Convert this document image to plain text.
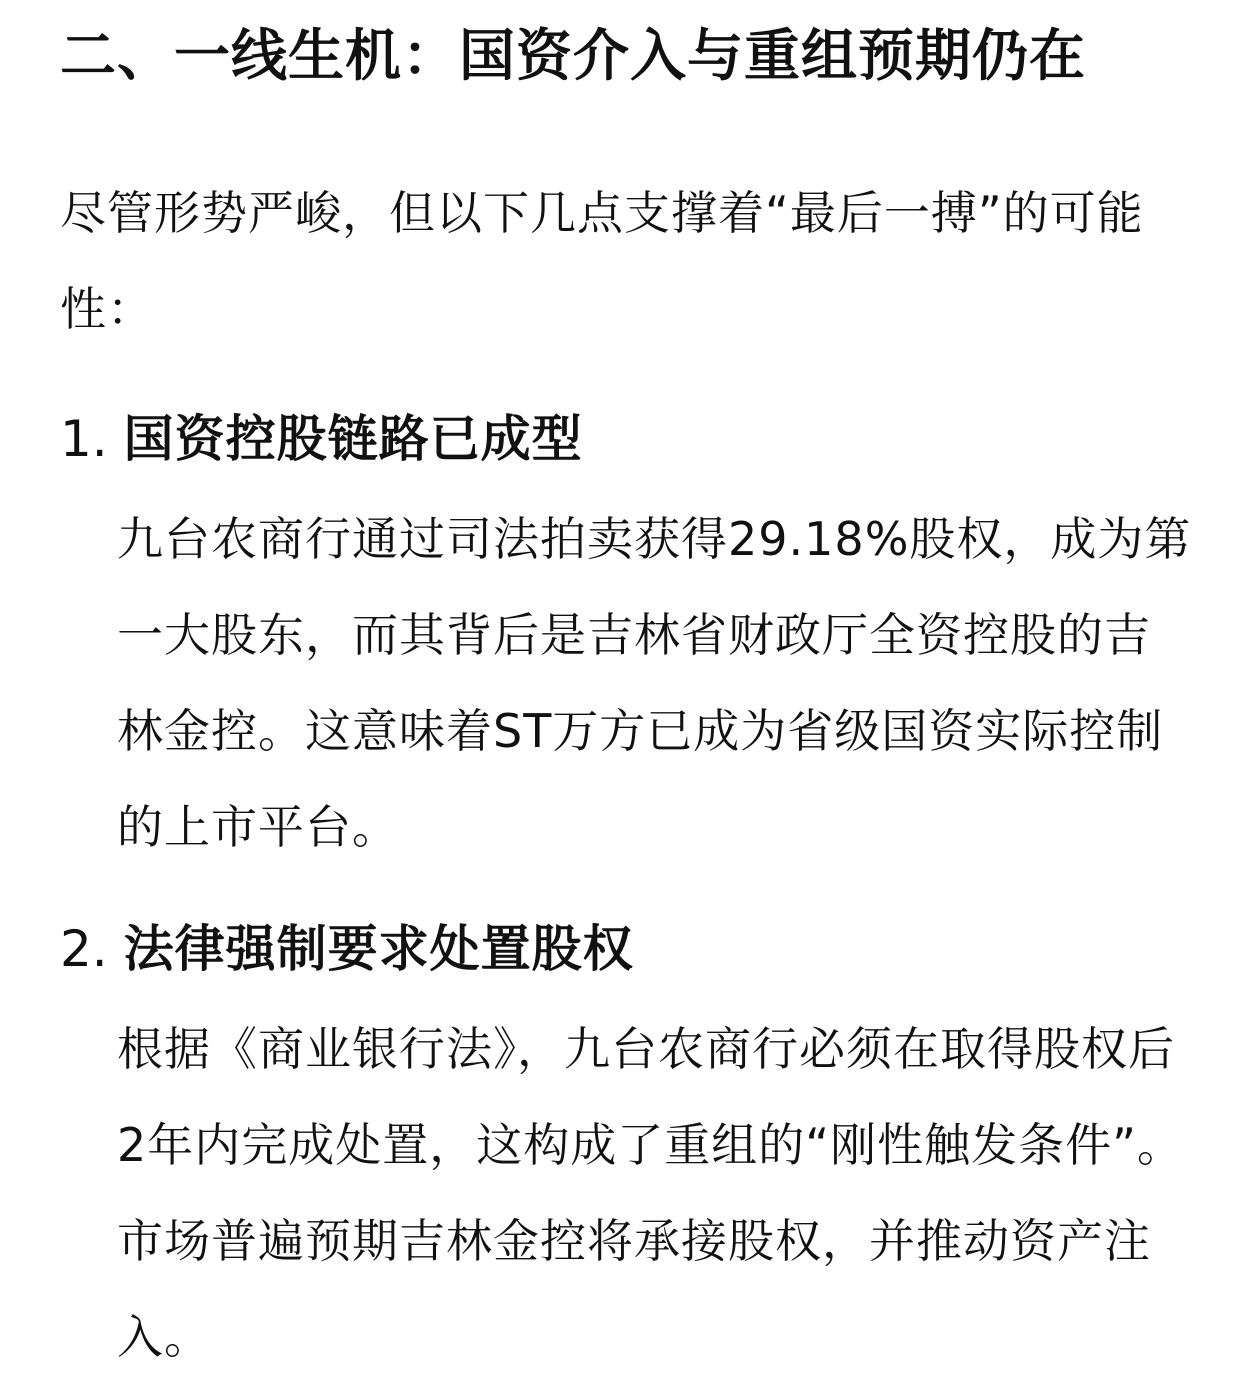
二、一线生机：国资介入与重组预期仍在

尽管形势严峻，但以下几点支撑着“最后一搏”的可能性：

1. 国资控股链路已成型
九台农商行通过司法拍卖获得29.18%股权，成为第一大股东，而其背后是吉林省财政厅全资控股的吉林金控。这意味着ST万方已成为省级国资实际控制的上市平台。
2. 法律强制要求处置股权
根据《商业银行法》，九台农商行必须在取得股权后2年内完成处置，这构成了重组的“刚性触发条件”。市场普遍预期吉林金控将承接股权，并推动资产注入。
